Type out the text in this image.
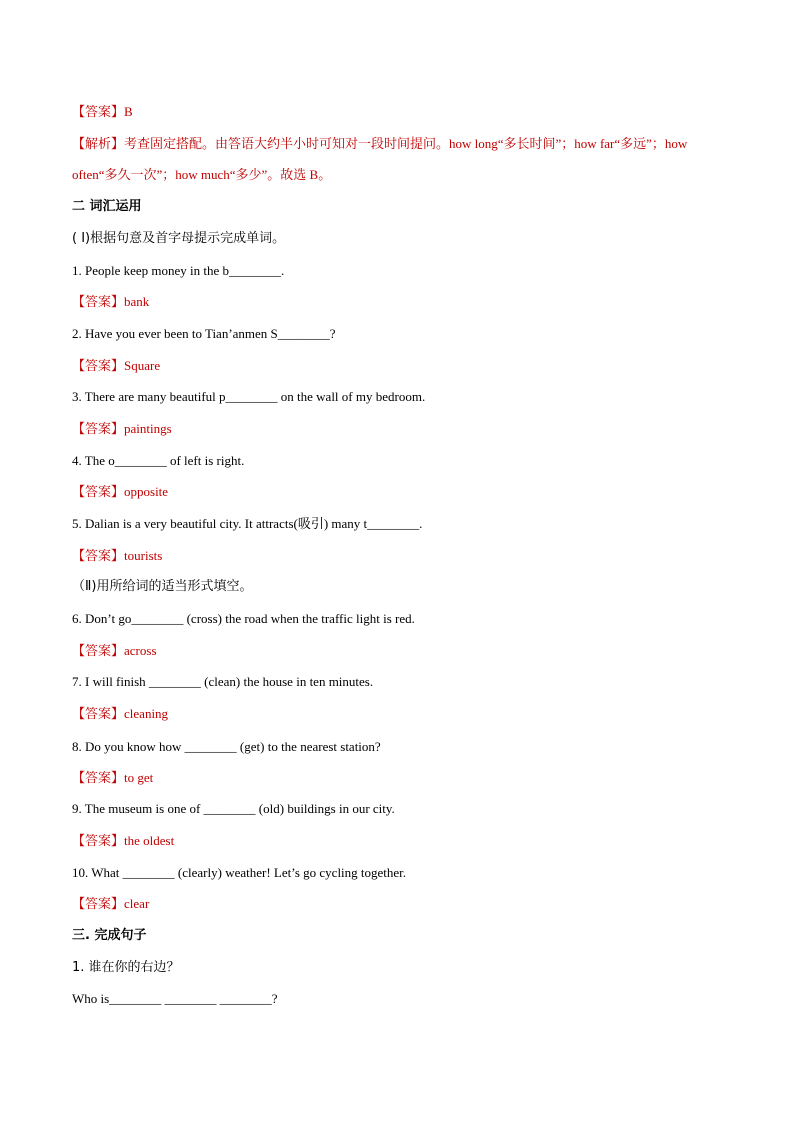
【答案】B
【解析】考查固定搭配。由答语大约半小时可知对一段时间提问。how long“多长时间”；how far“多远”；how
often“多久一次”；how much“多少”。故选 B。
二 词汇运用
( Ⅰ)根据句意及首字母提示完成单词。
1. People keep money in the b________.
【答案】bank
2. Have you ever been to Tian’anmen S________?
【答案】Square
3. There are many beautiful p________ on the wall of my bedroom.
【答案】paintings
4. The o________ of left is right.
【答案】opposite
5. Dalian is a very beautiful city. It attracts(吸引) many t________.
【答案】tourists
（Ⅱ)用所给词的适当形式填空。
6. Don’t go________ (cross) the road when the traffic light is red.
【答案】across
7. I will finish ________ (clean) the house in ten minutes.
【答案】cleaning
8. Do you know how ________ (get) to the nearest station?
【答案】to get
9. The museum is one of ________ (old) buildings in our city.
【答案】the oldest
10. What ________ (clearly) weather! Let’s go cycling together.
【答案】clear
三. 完成句子
1. 谁在你的右边？
Who is________ ________ ________?
